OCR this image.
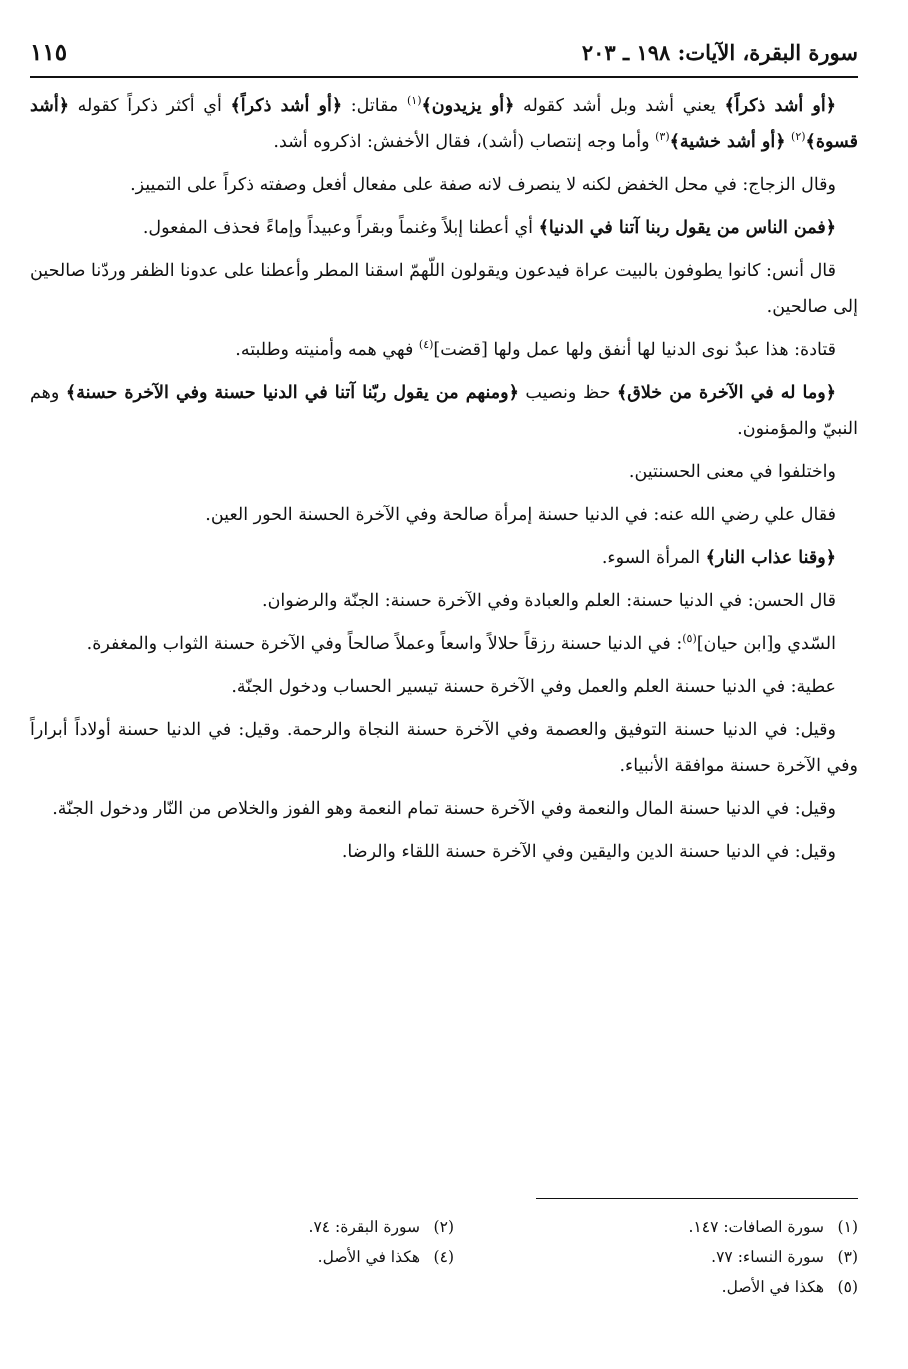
سورة البقرة، الآيات: ١٩٨ ـ ٢٠٣
١١٥

﴿أو أشد ذكراً﴾ يعني أشد وبل أشد كقوله ﴿أو يزيدون﴾$^{(١)}$ مقاتل: ﴿أو أشد ذكراً﴾ أي أكثر ذكراً كقوله ﴿أشد قسوة﴾$^{(٢)}$ ﴿أو أشد خشية﴾$^{(٣)}$ وأما وجه إنتصاب (أشد)، فقال الأخفش: اذكروه أشد.

وقال الزجاج: في محل الخفض لكنه لا ينصرف لانه صفة على مفعال أفعل وصفته ذكراً على التمييز.

﴿فمن الناس من يقول ربنا آتنا في الدنيا﴾ أي أعطنا إبلاً وغنماً وبقراً وعبيداً وإماءً فحذف المفعول.

قال أنس: كانوا يطوفون بالبيت عراة فيدعون ويقولون اللّهمّ اسقنا المطر وأعطنا على عدونا الظفر وردّنا صالحين إلى صالحين.

قتادة: هذا عبدٌ نوى الدنيا لها أنفق ولها عمل ولها [قضت]$^{(٤)}$ فهي همه وأمنيته وطلبته.

﴿وما له في الآخرة من خلاق﴾ حظ ونصيب ﴿ومنهم من يقول ربّنا آتنا في الدنيا حسنة وفي الآخرة حسنة﴾ وهم النبيّ والمؤمنون.

واختلفوا في معنى الحسنتين.

فقال علي رضي الله عنه: في الدنيا حسنة إمرأة صالحة وفي الآخرة الحسنة الحور العين.

﴿وقنا عذاب النار﴾ المرأة السوء.

قال الحسن: في الدنيا حسنة: العلم والعبادة وفي الآخرة حسنة: الجنّة والرضوان.

السّدي و[ابن حيان]$^{(٥)}$: في الدنيا حسنة رزقاً حلالاً واسعاً وعملاً صالحاً وفي الآخرة حسنة الثواب والمغفرة.

عطية: في الدنيا حسنة العلم والعمل وفي الآخرة حسنة تيسير الحساب ودخول الجنّة.

وقيل: في الدنيا حسنة التوفيق والعصمة وفي الآخرة حسنة النجاة والرحمة. وقيل: في الدنيا حسنة أولاداً أبراراً وفي الآخرة حسنة موافقة الأنبياء.

وقيل: في الدنيا حسنة المال والنعمة وفي الآخرة حسنة تمام النعمة وهو الفوز والخلاص من النّار ودخول الجنّة.

وقيل: في الدنيا حسنة الدين واليقين وفي الآخرة حسنة اللقاء والرضا.

(١)سورة الصافات: ١٤٧.
(٢)سورة البقرة: ٧٤.
(٣)سورة النساء: ٧٧.
(٤)هكذا في الأصل.
(٥)هكذا في الأصل.
